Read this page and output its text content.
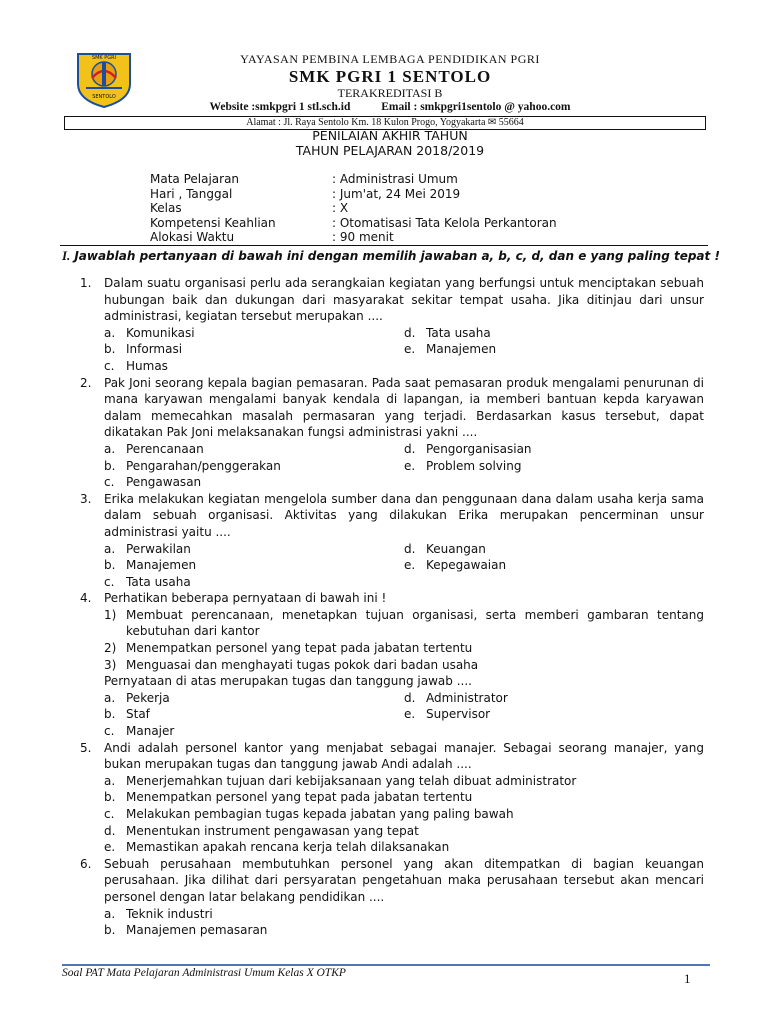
SMK PGRI
SENTOLO
YAYASAN PEMBINA LEMBAGA PENDIDIKAN PGRI
SMK PGRI 1 SENTOLO
TERAKREDITASI B
Website :smkpgri 1 stl.sch.id	Email : smkpgri1sentolo @ yahoo.com
Alamat : Jl. Raya Sentolo Km. 18 Kulon Progo, Yogyakarta ✉ 55664
PENILAIAN AKHIR TAHUN
TAHUN PELAJARAN 2018/2019
Mata Pelajaran	: Administrasi Umum
Hari , Tanggal	: Jum'at, 24 Mei 2019
Kelas	: X
Kompetensi Keahlian	: Otomatisasi Tata Kelola Perkantoran
Alokasi Waktu	: 90 menit
I. Jawablah pertanyaan di bawah ini dengan memilih jawaban a, b, c, d, dan e yang paling tepat !
1. Dalam suatu organisasi perlu ada serangkaian kegiatan yang berfungsi untuk menciptakan sebuah hubungan baik dan dukungan dari masyarakat sekitar tempat usaha. Jika ditinjau dari unsur administrasi, kegiatan tersebut merupakan ....
a. Komunikasi	d. Tata usaha
b. Informasi	e. Manajemen
c. Humas
2. Pak Joni seorang kepala bagian pemasaran. Pada saat pemasaran produk mengalami penurunan di mana karyawan mengalami banyak kendala di lapangan, ia memberi bantuan kepda karyawan dalam memecahkan masalah permasaran yang terjadi. Berdasarkan kasus tersebut, dapat dikatakan Pak Joni melaksanakan fungsi administrasi yakni ....
a. Perencanaan	d. Pengorganisasian
b. Pengarahan/penggerakan	e. Problem solving
c. Pengawasan
3. Erika melakukan kegiatan mengelola sumber dana dan penggunaan dana dalam usaha kerja sama dalam sebuah organisasi. Aktivitas yang dilakukan Erika merupakan pencerminan unsur administrasi yaitu ....
a. Perwakilan	d. Keuangan
b. Manajemen	e. Kepegawaian
c. Tata usaha
4. Perhatikan beberapa pernyataan di bawah ini !
1) Membuat perencanaan, menetapkan tujuan organisasi, serta memberi gambaran tentang kebutuhan dari kantor
2) Menempatkan personel yang tepat pada jabatan tertentu
3) Menguasai dan menghayati tugas pokok dari badan usaha
Pernyataan di atas merupakan tugas dan tanggung jawab ....
a. Pekerja	d. Administrator
b. Staf	e. Supervisor
c. Manajer
5. Andi adalah personel kantor yang menjabat sebagai manajer. Sebagai seorang manajer, yang bukan merupakan tugas dan tanggung jawab Andi adalah ....
a. Menerjemahkan tujuan dari kebijaksanaan yang telah dibuat administrator
b. Menempatkan personel yang tepat pada jabatan tertentu
c. Melakukan pembagian tugas kepada jabatan yang paling bawah
d. Menentukan instrument pengawasan yang tepat
e. Memastikan apakah rencana kerja telah dilaksanakan
6. Sebuah perusahaan membutuhkan personel yang akan ditempatkan di bagian keuangan perusahaan. Jika dilihat dari persyaratan pengetahuan maka perusahaan tersebut akan mencari personel dengan latar belakang pendidikan ....
a. Teknik industri
b. Manajemen pemasaran
Soal PAT Mata Pelajaran Administrasi Umum Kelas X OTKP	1
